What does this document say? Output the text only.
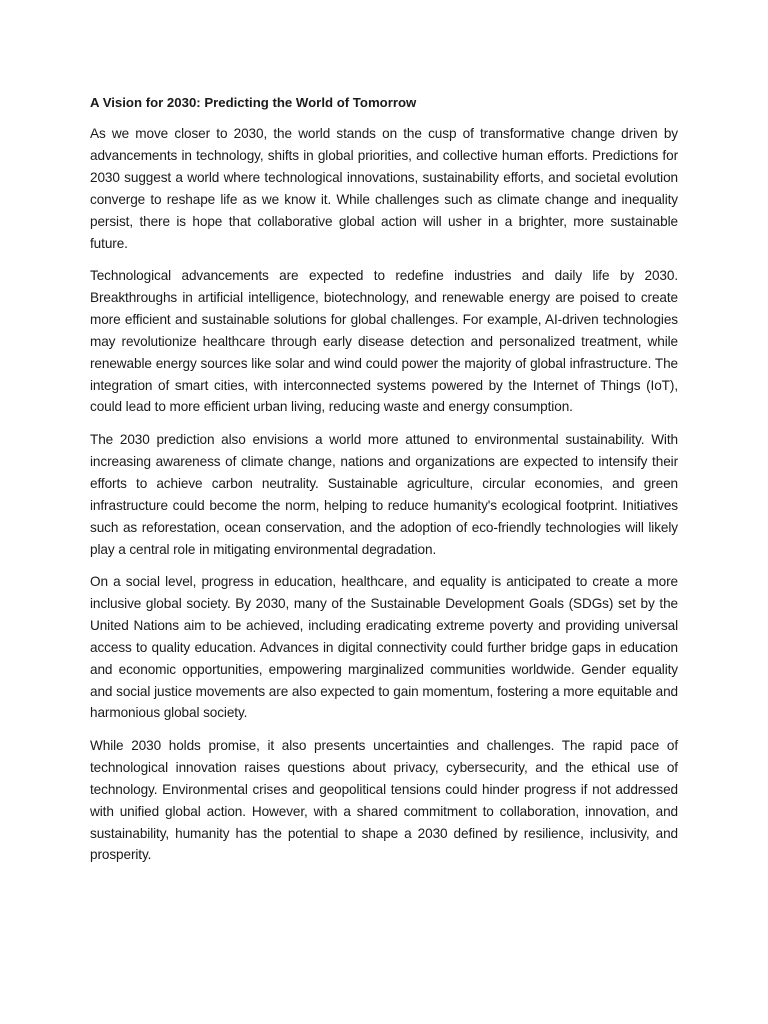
A Vision for 2030: Predicting the World of Tomorrow

As we move closer to 2030, the world stands on the cusp of transformative change driven by advancements in technology, shifts in global priorities, and collective human efforts. Predictions for 2030 suggest a world where technological innovations, sustainability efforts, and societal evolution converge to reshape life as we know it. While challenges such as climate change and inequality persist, there is hope that collaborative global action will usher in a brighter, more sustainable future.

Technological advancements are expected to redefine industries and daily life by 2030. Breakthroughs in artificial intelligence, biotechnology, and renewable energy are poised to create more efficient and sustainable solutions for global challenges. For example, AI-driven technologies may revolutionize healthcare through early disease detection and personalized treatment, while renewable energy sources like solar and wind could power the majority of global infrastructure. The integration of smart cities, with interconnected systems powered by the Internet of Things (IoT), could lead to more efficient urban living, reducing waste and energy consumption.

The 2030 prediction also envisions a world more attuned to environmental sustainability. With increasing awareness of climate change, nations and organizations are expected to intensify their efforts to achieve carbon neutrality. Sustainable agriculture, circular economies, and green infrastructure could become the norm, helping to reduce humanity's ecological footprint. Initiatives such as reforestation, ocean conservation, and the adoption of eco-friendly technologies will likely play a central role in mitigating environmental degradation.

On a social level, progress in education, healthcare, and equality is anticipated to create a more inclusive global society. By 2030, many of the Sustainable Development Goals (SDGs) set by the United Nations aim to be achieved, including eradicating extreme poverty and providing universal access to quality education. Advances in digital connectivity could further bridge gaps in education and economic opportunities, empowering marginalized communities worldwide. Gender equality and social justice movements are also expected to gain momentum, fostering a more equitable and harmonious global society.

While 2030 holds promise, it also presents uncertainties and challenges. The rapid pace of technological innovation raises questions about privacy, cybersecurity, and the ethical use of technology. Environmental crises and geopolitical tensions could hinder progress if not addressed with unified global action. However, with a shared commitment to collaboration, innovation, and sustainability, humanity has the potential to shape a 2030 defined by resilience, inclusivity, and prosperity.
